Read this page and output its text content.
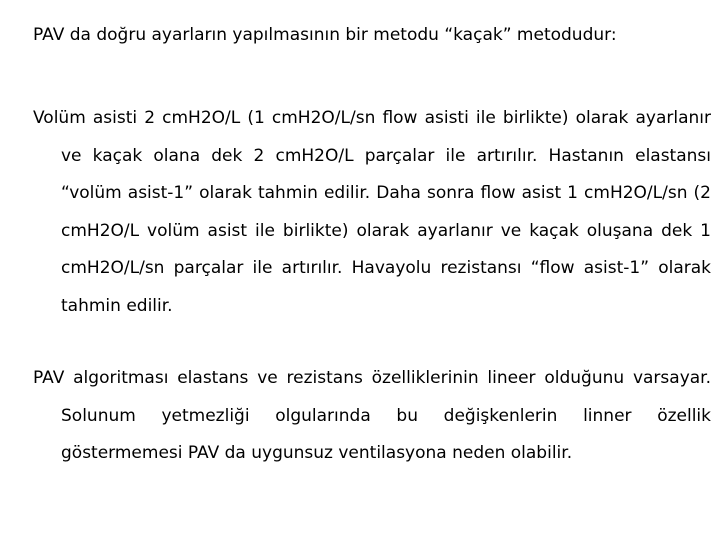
PAV da doğru ayarların yapılmasının bir metodu “kaçak” metodudur:

Volüm asisti 2 cmH2O/L (1 cmH2O/L/sn flow asisti ile birlikte) olarak ayarlanır ve kaçak olana dek 2 cmH2O/L parçalar ile artırılır. Hastanın elastansı “volüm asist-1” olarak tahmin edilir. Daha sonra flow asist 1 cmH2O/L/sn (2 cmH2O/L volüm asist ile birlikte) olarak ayarlanır ve kaçak oluşana dek 1 cmH2O/L/sn parçalar ile artırılır. Havayolu rezistansı “flow asist-1” olarak tahmin edilir.

PAV algoritması elastans ve rezistans özelliklerinin lineer olduğunu varsayar. Solunum yetmezliği olgularında bu değişkenlerin linner özellik göstermemesi PAV da uygunsuz ventilasyona neden olabilir.
